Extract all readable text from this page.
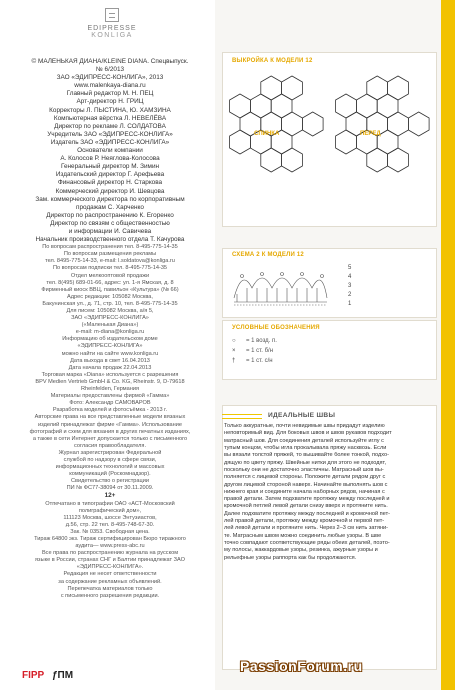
EDIPRESSE
KONLIGA
© МАЛЕНЬКАЯ ДИАНА/KLEINE DIANA. Спецвыпуск.
№ 6/2013
ЗАО «ЭДИПРЕСС-КОНЛИГА», 2013
www.malenkaya-diana.ru
Главный редактор М. Н. ПЕЦ
Арт-директор Н. ГРИЦ
Корректоры Л. ПЫСТИНА, Ю. ХАМЗИНА
Компьютерная вёрстка Л. НЕВЕЛЁВА
Директор по рекламе Л. СОЛДАТОВА
Учредитель ЗАО «ЭДИПРЕСС-КОНЛИГА»
Издатель ЗАО «ЭДИПРЕСС-КОНЛИГА»
Основатели компании
А. Колосов Р. Неяглова-Колосова
Генеральный директор М. Зимин
Издательский директор Г. Арефьева
Финансовый директор Н. Старкова
Коммерческий директор И. Шевцова
Зам. коммерческого директора по корпоративным
продажам С. Харченко
Директор по распространению К. Егоренко
Директор по связям с общественностью
и информации И. Савичева
Начальник производственного отдела Т. Качурова
По вопросам распространения тел. 8-495-775-14-35
По вопросам размещения рекламы
тел. 8495-775-14-33, e-mail: l.soldatova@konliga.ru
По вопросам подписки тел. 8-495-775-14-35
Отдел мелкооптовой продажи
тел. 8(495) 689-01-66, адрес: ул. 1-я Ямская, д. 8
Фирменный киоск ВВЦ, павильон «Культура» (№ 66)
Адрес редакции: 105082 Москва,
Бакунинская ул., д. 71, стр. 10, тел. 8-495-775-14-35
Для писем: 105082 Москва, а/я 5,
ЗАО «ЭДИПРЕСС-КОНЛИГА»
(«Маленькая Диана»)
e-mail: m-diana@konliga.ru
Информацию об издательском доме
«ЭДИПРЕСС-КОНЛИГА»
можно найти на сайте www.konliga.ru
Дата выхода в свет 16.04.2013
Дата начала продаж 22.04.2013
Торговая марка «Diana» используется с разрешения
BPV Medien Vertrieb GmbH & Co. KG, Rheinstr. 9, D-79618
Rheinfelden, Германия
Материалы предоставлены фирмой «Гамма»
Фото: Александр САМОВАРОВ
Разработка моделей и фотосъёмка - 2013 г.
Авторские права на все представленные модели вязаных
изделий принадлежат фирме «Гамма». Использование
фотографий и схем для вязания в других печатных изданиях,
а также в сети Интернет допускается только с письменного
согласия правообладателя.
Журнал зарегистрирован Федеральной
службой по надзору в сфере связи,
информационных технологий и массовых
коммуникаций (Роскомнадзор).
Свидетельство о регистрации
ПИ № ФС77-38094 от 30.11.2009.
12+
Отпечатано в типографии ОАО «АСТ-Московский
полиграфический дом»,
111123 Москва, шоссе Энтузиастов,
д.56, стр. 22 тел. 8-495-748-67-30.
Зак. № 0353. Свободная цена.
Тираж 64800 экз. Тираж сертифицирован Бюро тиражного
аудита— www.press-abc.ru
Все права по распространению журнала на русском
языке в России, странах СНГ и Балтии принадлежат ЗАО
«ЭДИПРЕСС-КОНЛИГА».
Редакция не несет ответственности
за содержание рекламных объявлений.
Перепечатка материалов только
с письменного разрешения редакции.
FIPP ƒПМ
ВЫКРОЙКА К МОДЕЛИ 12
СПИНКА	ПЕРЕД
СХЕМА 2 К МОДЕЛИ 12
5
4
3
2
1
УСЛОВНЫЕ ОБОЗНАЧЕНИЯ
○ = 1 возд. п.
× = 1 ст. б/н
† = 1 ст. с/н
ИДЕАЛЬНЫЕ ШВЫ
Только аккуратные, почти невидимые швы придадут изделию
неповторимый вид. Для боковых швов и швов рукавов подходит
матрасный шов. Для соединения деталей используйте иглу с
тупым концом, чтобы игла прокалывала пряжу насквозь. Если
вы вязали толстой пряжей, то вышивайте более тонкой, подхо-
дящую по цвету пряжу. Швейные нитки для этого не подходят,
поскольку они не достаточно эластичны. Матрасный шов вы-
полняется с лицевой стороны. Положите детали рядом друг с
другом лицевой стороной наверх. Начинайте выполнять шов с
нижнего края и соедините начала наборных рядов, начиная с
правой детали. Затем подхватите протяжку между последней и
кромочной петлей левой детали снизу вверх и протяните нить.
Далее подхватите протяжку между последней и кромочной пет-
лей правой детали, протяжку между кромочной и первой пет-
лей левой детали и протяните нить. Через 2–3 см нить затяни-
те. Матрасным швом можно соединить любые узоры. В шве
точно совпадают соответствующие ряды обеих деталей, поэто-
му полосы, жаккардовые узоры, резинка, ажурные узоры и
рельефные узоры раппорта как бы продолжаются.
PassionForum.ru
